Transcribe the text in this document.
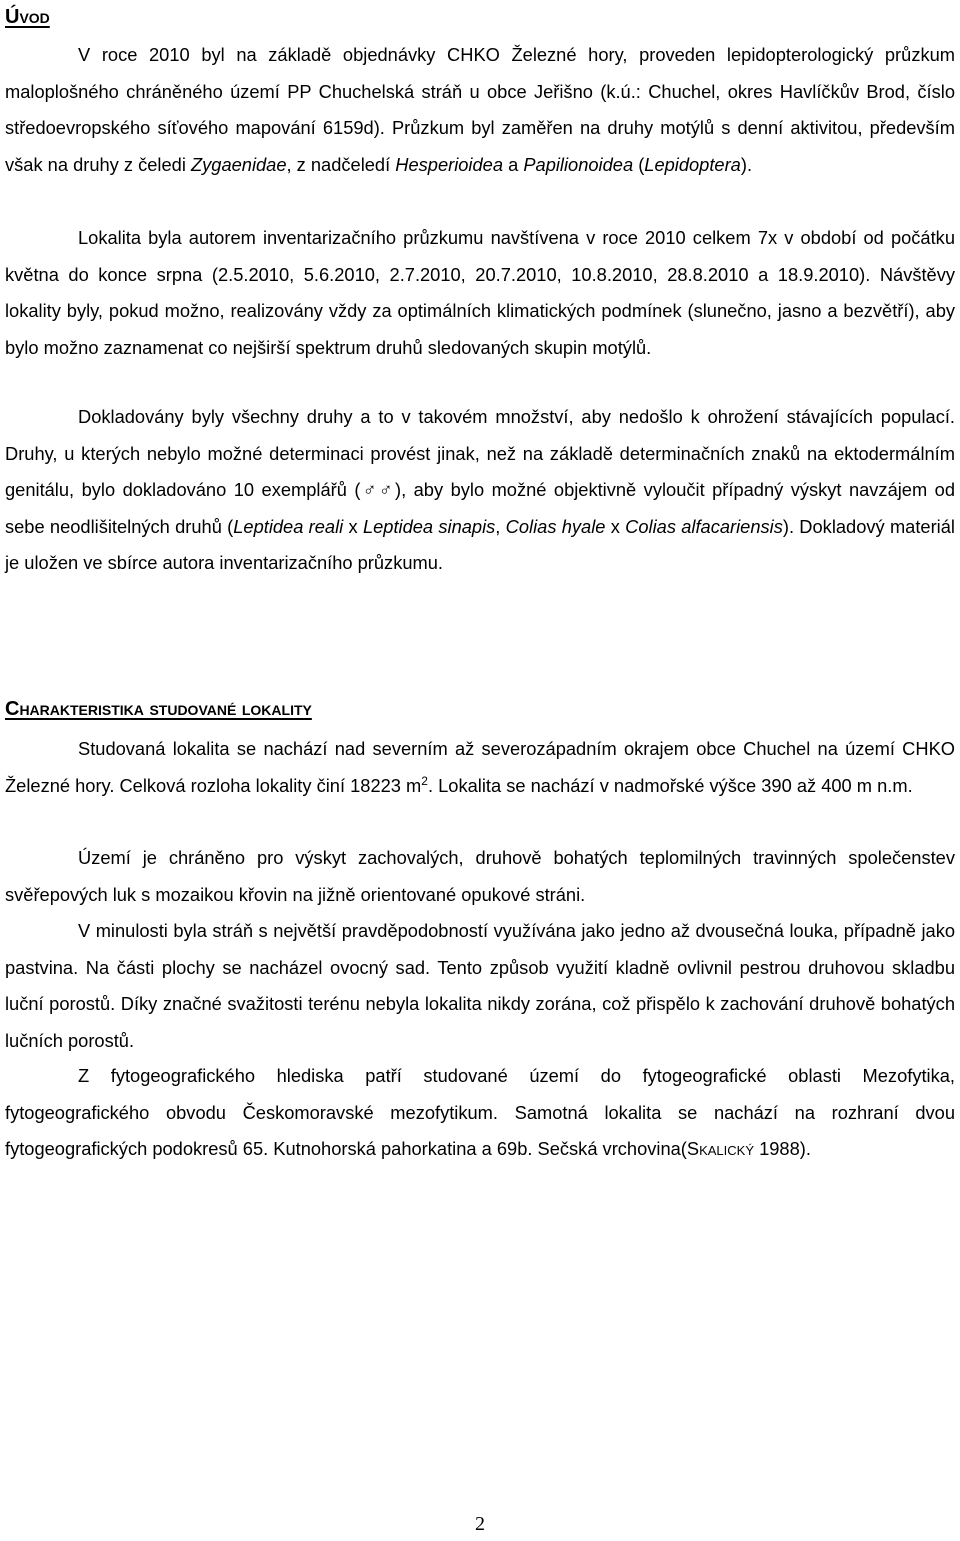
Úvod

V roce 2010 byl na základě objednávky CHKO Železné hory, proveden lepidopterologický průzkum maloplošného chráněného území PP Chuchelská stráň u obce Jeřišno (k.ú.: Chuchel, okres Havlíčkův Brod, číslo středoevropského síťového mapování 6159d). Průzkum byl zaměřen na druhy motýlů s denní aktivitou, především však na druhy z čeledi Zygaenidae, z nadčeledí Hesperioidea a Papilionoidea (Lepidoptera).

Lokalita byla autorem inventarizačního průzkumu navštívena v roce 2010 celkem 7x v období od počátku května do konce srpna (2.5.2010, 5.6.2010, 2.7.2010, 20.7.2010, 10.8.2010, 28.8.2010 a 18.9.2010). Návštěvy lokality byly, pokud možno, realizovány vždy za optimálních klimatických podmínek (slunečno, jasno a bezvětří), aby bylo možno zaznamenat co nejširší spektrum druhů sledovaných skupin motýlů.

Dokladovány byly všechny druhy a to v takovém množství, aby nedošlo k ohrožení stávajících populací. Druhy, u kterých nebylo možné determinaci provést jinak, než na základě determinačních znaků na ektodermálním genitálu, bylo dokladováno 10 exemplářů (♂♂), aby bylo možné objektivně vyloučit případný výskyt navzájem od sebe neodlišitelných druhů (Leptidea reali x Leptidea sinapis, Colias hyale x Colias alfacariensis). Dokladový materiál je uložen ve sbírce autora inventarizačního průzkumu.

Charakteristika studované lokality

Studovaná lokalita se nachází nad severním až severozápadním okrajem obce Chuchel na území CHKO Železné hory. Celková rozloha lokality činí 18223 $m^2$. Lokalita se nachází v nadmořské výšce 390 až 400 m n.m.

Území je chráněno pro výskyt zachovalých, druhově bohatých teplomilných travinných společenstev svěřepových luk s mozaikou křovin na jižně orientované opukové stráni.

V minulosti byla stráň s největší pravděpodobností využívána jako jedno až dvousečná louka, případně jako pastvina. Na části plochy se nacházel ovocný sad. Tento způsob využití kladně ovlivnil pestrou druhovou skladbu luční porostů. Díky značné svažitosti terénu nebyla lokalita nikdy zorána, což přispělo k zachování druhově bohatých lučních porostů.

Z fytogeografického hlediska patří studované území do fytogeografické oblasti Mezofytika, fytogeografického obvodu Českomoravské mezofytikum. Samotná lokalita se nachází na rozhraní dvou fytogeografických podokresů 65. Kutnohorská pahorkatina a 69b. Sečská vrchovina(Skalický 1988).

2
